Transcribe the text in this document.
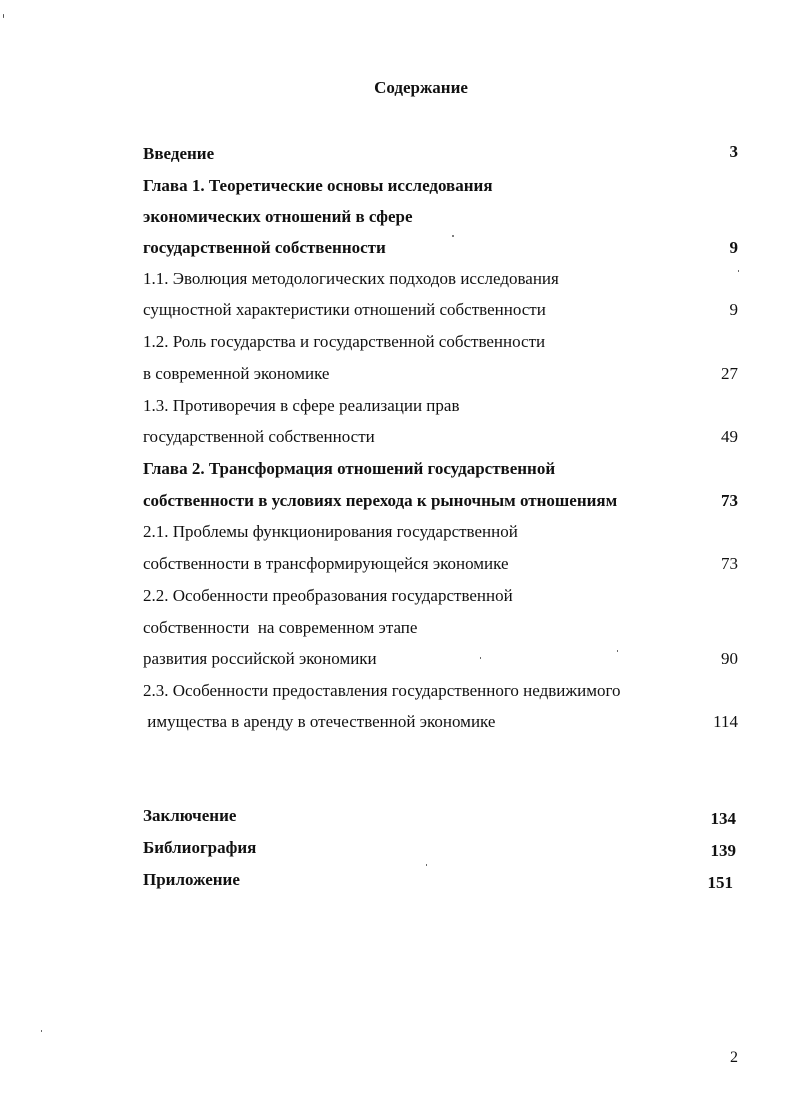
Содержание
Введение	3
Глава 1. Теоретические основы исследования
экономических отношений в сфере
государственной собственности	9
1.1. Эволюция методологических подходов исследования
сущностной характеристики отношений собственности	9
1.2. Роль государства и государственной собственности
в современной экономике	27
1.3. Противоречия в сфере реализации прав
государственной собственности	49
Глава 2. Трансформация отношений государственной
собственности в условиях перехода к рыночным отношениям	73
2.1. Проблемы функционирования государственной
собственности в трансформирующейся экономике	73
2.2. Особенности преобразования государственной
собственности  на современном этапе
развития российской экономики	90
2.3. Особенности предоставления государственного недвижимого
имущества в аренду в отечественной экономике	114
Заключение	134
Библиография	139
Приложение	151
2
